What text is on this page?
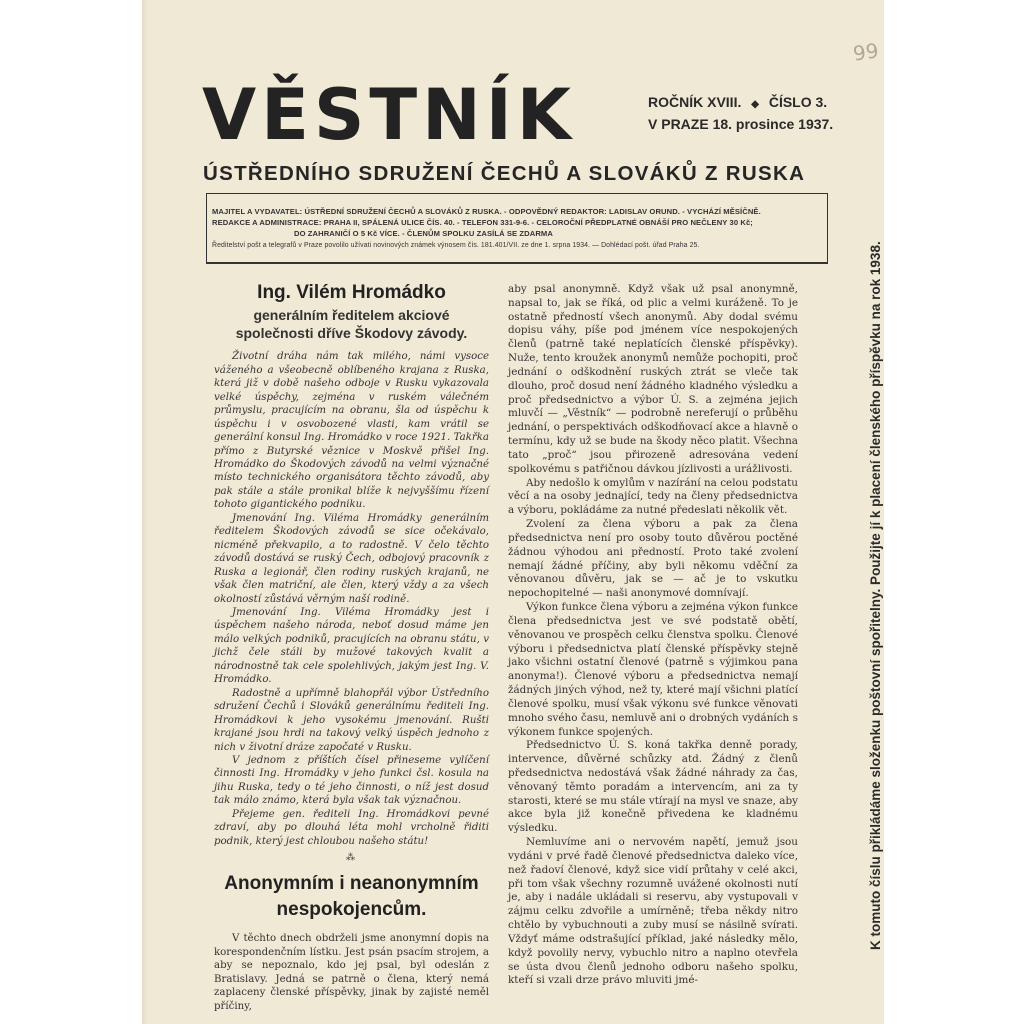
99
VĚSTNÍK	ROČNÍK XVIII. ◆ ČÍSLO 3.
V PRAZE 18. prosince 1937.
ÚSTŘEDNÍHO SDRUŽENÍ ČECHŮ A SLOVÁKŮ Z RUSKA
MAJITEL A VYDAVATEL: ÚSTŘEDNÍ SDRUŽENÍ ČECHŮ A SLOVÁKŮ Z RUSKA. - ODPOVĚDNÝ REDAKTOR: LADISLAV ORUND. - VYCHÁZÍ MĚSÍČNĚ.
REDAKCE A ADMINISTRACE: PRAHA II, SPÁLENÁ ULICE ČÍS. 40. - TELEFON 331-9-6. - CELOROČNÍ PŘEDPLATNÉ OBNÁŠÍ PRO NEČLENY 30 Kč;
DO ZAHRANIČÍ O 5 Kč VÍCE. - ČLENŮM SPOLKU ZASÍLÁ SE ZDARMA
Ředitelství pošt a telegrafů v Praze povolilo užívati novinových známek výnosem čís. 181.401/VII. ze dne 1. srpna 1934. — Dohlédací pošt. úřad Praha 25.
Ing. Vilém Hromádko
generálním ředitelem akciové společnosti dříve Škodovy závody.

Životní dráha nám tak milého, námi vysoce váženého a všeobecně oblíbeného krajana z Ruska, která již v době našeho odboje v Rusku vykazovala velké úspěchy, zejména v ruském válečném průmyslu, pracujícím na obranu, šla od úspěchu k úspěchu i v osvobozené vlasti, kam vrátil se generální konsul Ing. Hromádko v roce 1921. Takřka přímo z Butyrské věznice v Moskvě přišel Ing. Hromádko do Škodových závodů na velmi význačné místo technického organisátora těchto závodů, aby pak stále a stále pronikal blíže k nejvyššímu řízení tohoto gigantického podniku.

Jmenování Ing. Viléma Hromádky generálním ředitelem Škodových závodů se sice očekávalo, nicméně překvapilo, a to radostně. V čelo těchto závodů dostává se ruský Čech, odbojový pracovník z Ruska a legionář, člen rodiny ruských krajanů, ne však člen matriční, ale člen, který vždy a za všech okolností zůstává věrným naší rodině.

Jmenování Ing. Viléma Hromádky jest i úspěchem našeho národa, neboť dosud máme jen málo velkých podniků, pracujících na obranu státu, v jichž čele stáli by mužové takových kvalit a národnostně tak cele spolehlivých, jakým jest Ing. V. Hromádko.

Radostně a upřímně blahopřál výbor Ústředního sdružení Čechů i Slováků generálnímu řediteli Ing. Hromádkovi k jeho vysokému jmenování. Rušti krajané jsou hrdi na takový velký úspěch jednoho z nich v životní dráze započaté v Rusku.

V jednom z příštích čísel přineseme vylíčení činnosti Ing. Hromádky v jeho funkci čsl. kosula na jihu Ruska, tedy o té jeho činnosti, o níž jest dosud tak málo známo, která byla však tak význačnou.

Přejeme gen. řediteli Ing. Hromádkovi pevné zdraví, aby po dlouhá léta mohl vrcholně řiditi podnik, který jest chloubou našeho státu!

⁂
Anonymním i neanonymním nespokojencům.

V těchto dnech obdrželi jsme anonymní dopis na korespondenčním lístku. Jest psán psacím strojem, a aby se nepoznalo, kdo jej psal, byl odeslán z Bratislavy. Jedná se patrně o člena, který nemá zaplaceny členské příspěvky, jinak by zajisté neměl příčiny,

aby psal anonymně. Když však už psal anonymně, napsal to, jak se říká, od plic a velmi kuráženě. To je ostatně předností všech anonymů. Aby dodal svému dopisu váhy, píše pod jménem více nespokojených členů (patrně také neplatících členské příspěvky). Nuže, tento kroužek anonymů nemůže pochopiti, proč jednání o odškodnění ruských ztrát se vleče tak dlouho, proč dosud není žádného kladného výsledku a proč předsednictvo a výbor Ú. S. a zejména jejich mluvčí — „Věstník“ — podrobně nereferují o průběhu jednání, o perspektivách odškodňovací akce a hlavně o termínu, kdy už se bude na škody něco platit. Všechna tato „proč“ jsou přirozeně adresována vedení spolkovému s patřičnou dávkou jízlivosti a urážlivosti.

Aby nedošlo k omylům v nazírání na celou podstatu věcí a na osoby jednající, tedy na členy předsednictva a výboru, pokládáme za nutné předeslati několik vět.

Zvolení za člena výboru a pak za člena předsednictva není pro osoby touto důvěrou poctěné žádnou výhodou ani předností. Proto také zvolení nemají žádné příčiny, aby byli někomu vděční za věnovanou důvěru, jak se — ač je to vskutku nepochopitelné — naši anonymové domnívají.

Výkon funkce člena výboru a zejména výkon funkce člena předsednictva jest ve své podstatě obětí, věnovanou ve prospěch celku členstva spolku. Členové výboru i předsednictva platí členské příspěvky stejně jako všichni ostatní členové (patrně s výjimkou pana anonyma!). Členové výboru a předsednictva nemají žádných jiných výhod, než ty, které mají všichni platící členové spolku, musí však výkonu své funkce věnovati mnoho svého času, nemluvě ani o drobných vydáních s výkonem funkce spojených.

Předsednictvo Ú. S. koná takřka denně porady, intervence, důvěrné schůzky atd. Žádný z členů předsednictva nedostává však žádné náhrady za čas, věnovaný těmto poradám a intervencím, ani za ty starosti, které se mu stále vtírají na mysl ve snaze, aby akce byla již konečně přivedena ke kladnému výsledku.

Nemluvíme ani o nervovém napětí, jemuž jsou vydáni v prvé řadě členové předsednictva daleko více, než řadoví členové, když sice vidí průtahy v celé akci, při tom však všechny rozumně uvážené okolnosti nutí je, aby i nadále ukládali si reservu, aby vystupovali v zájmu celku zdvořile a umírněně; třeba někdy nitro chtělo by vybuchnouti a zuby musí se násilně svírati. Vždyť máme odstrašující příklad, jaké následky mělo, když povolily nervy, vybuchlo nitro a naplno otevřela se ústa dvou členů jednoho odboru našeho spolku, kteří si vzali drze právo mluviti jmé-

K tomuto číslu přikládáme složenku poštovní spořitelny. Použijte jí k placení členského příspěvku na rok 1938.
